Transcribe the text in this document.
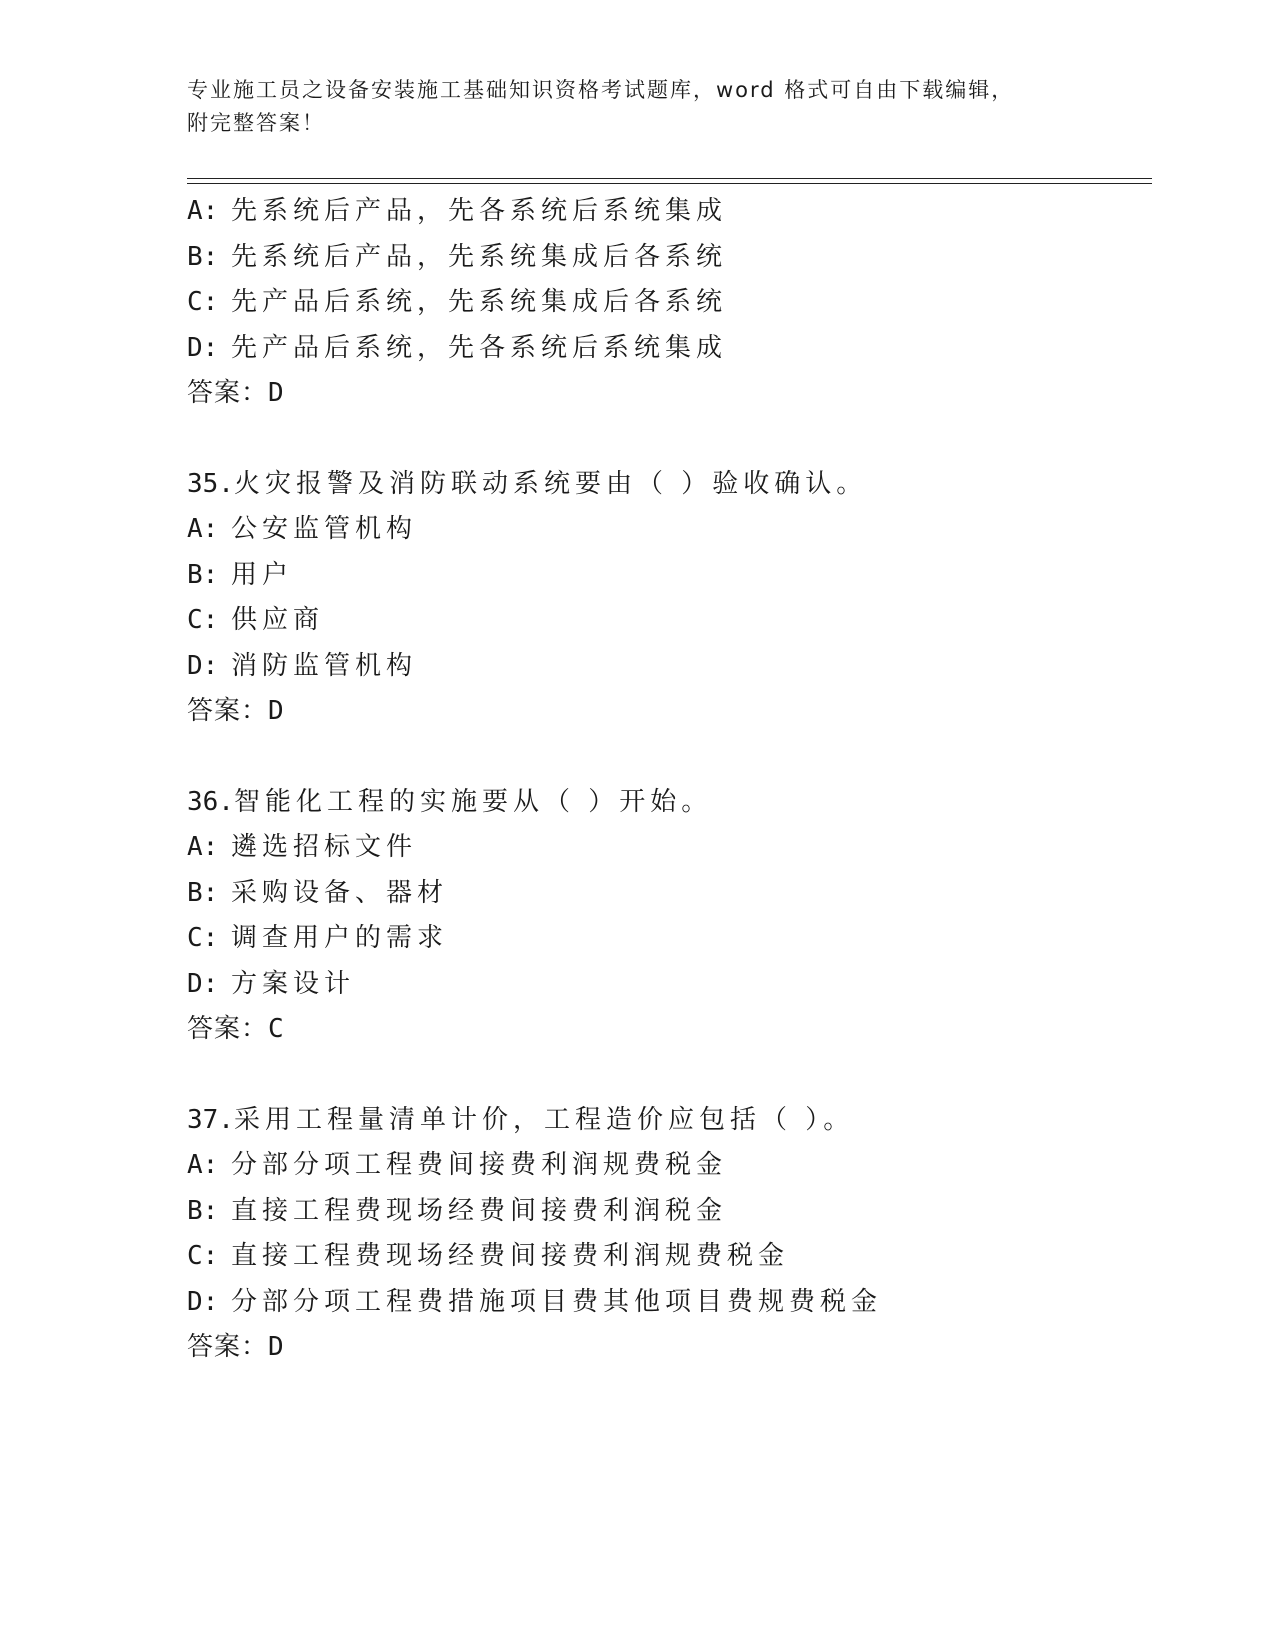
专业施工员之设备安装施工基础知识资格考试题库，word 格式可自由下载编辑，
附完整答案！
A: 先系统后产品，先各系统后系统集成
B: 先系统后产品，先系统集成后各系统
C: 先产品后系统，先系统集成后各系统
D: 先产品后系统，先各系统后系统集成
答案：D
35.火灾报警及消防联动系统要由（ ）验收确认。
A: 公安监管机构
B: 用户
C: 供应商
D: 消防监管机构
答案：D
36.智能化工程的实施要从（ ）开始。
A: 遴选招标文件
B: 采购设备、器材
C: 调查用户的需求
D: 方案设计
答案：C
37.采用工程量清单计价，工程造价应包括（ ）。
A: 分部分项工程费间接费利润规费税金
B: 直接工程费现场经费间接费利润税金
C: 直接工程费现场经费间接费利润规费税金
D: 分部分项工程费措施项目费其他项目费规费税金
答案：D
